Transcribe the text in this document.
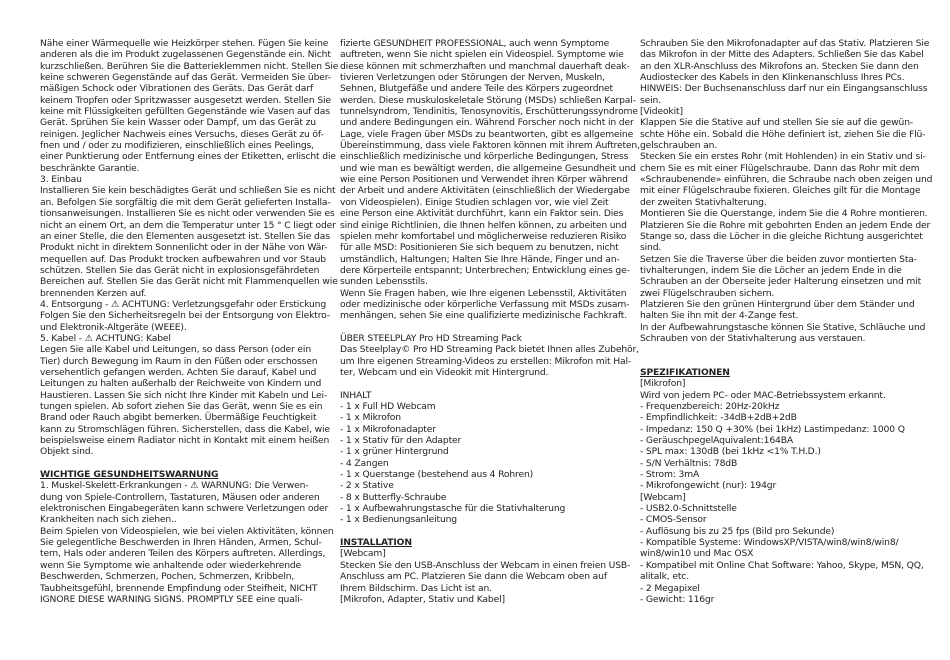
Nähe einer Wärmequelle wie Heizkörper stehen. Fügen Sie keine
anderen als die im Produkt zugelassenen Gegenstände ein. Nicht
kurzschließen. Berühren Sie die Batterieklemmen nicht. Stellen Sie
keine schweren Gegenstände auf das Gerät. Vermeiden Sie über-
mäßigen Schock oder Vibrationen des Geräts. Das Gerät darf
keinem Tropfen oder Spritzwasser ausgesetzt werden. Stellen Sie
keine mit Flüssigkeiten gefüllten Gegenstände wie Vasen auf das
Gerät. Sprühen Sie kein Wasser oder Dampf, um das Gerät zu
reinigen. Jeglicher Nachweis eines Versuchs, dieses Gerät zu öf-
fnen und / oder zu modifizieren, einschließlich eines Peelings,
einer Punktierung oder Entfernung eines der Etiketten, erlischt die
beschränkte Garantie.
3. Einbau
Installieren Sie kein beschädigtes Gerät und schließen Sie es nicht
an. Befolgen Sie sorgfältig die mit dem Gerät gelieferten Installa-
tionsanweisungen. Installieren Sie es nicht oder verwenden Sie es
nicht an einem Ort, an dem die Temperatur unter 15 ° C liegt oder
an einer Stelle, die den Elementen ausgesetzt ist. Stellen Sie das
Produkt nicht in direktem Sonnenlicht oder in der Nähe von Wär-
mequellen auf. Das Produkt trocken aufbewahren und vor Staub
schützen. Stellen Sie das Gerät nicht in explosionsgefährdeten
Bereichen auf. Stellen Sie das Gerät nicht mit Flammenquellen wie
brennenden Kerzen auf.
4. Entsorgung - ⚠ ACHTUNG: Verletzungsgefahr oder Erstickung
Folgen Sie den Sicherheitsregeln bei der Entsorgung von Elektro-
und Elektronik-Altgeräte (WEEE).
5. Kabel - ⚠ ACHTUNG: Kabel
Legen Sie alle Kabel und Leitungen, so dass Person (oder ein
Tier) durch Bewegung im Raum in den Füßen oder erschossen
versehentlich gefangen werden. Achten Sie darauf, Kabel und
Leitungen zu halten außerhalb der Reichweite von Kindern und
Haustieren. Lassen Sie sich nicht Ihre Kinder mit Kabeln und Lei-
tungen spielen. Ab sofort ziehen Sie das Gerät, wenn Sie es ein
Brand oder Rauch abgibt bemerken. Übermäßige Feuchtigkeit
kann zu Stromschlägen führen. Sicherstellen, dass die Kabel, wie
beispielsweise einem Radiator nicht in Kontakt mit einem heißen
Objekt sind.
WICHTIGE GESUNDHEITSWARNUNG
1. Muskel-Skelett-Erkrankungen - ⚠ WARNUNG: Die Verwen-
dung von Spiele-Controllern, Tastaturen, Mäusen oder anderen
elektronischen Eingabegeräten kann schwere Verletzungen oder
Krankheiten nach sich ziehen..
Beim Spielen von Videospielen, wie bei vielen Aktivitäten, können
Sie gelegentliche Beschwerden in Ihren Händen, Armen, Schul-
tern, Hals oder anderen Teilen des Körpers auftreten. Allerdings,
wenn Sie Symptome wie anhaltende oder wiederkehrende
Beschwerden, Schmerzen, Pochen, Schmerzen, Kribbeln,
Taubheitsgefühl, brennende Empfindung oder Steifheit, NICHT
IGNORE DIESE WARNING SIGNS. PROMPTLY SEE eine quali-
fizierte GESUNDHEIT PROFESSIONAL, auch wenn Symptome
auftreten, wenn Sie nicht spielen ein Videospiel. Symptome wie
diese können mit schmerzhaften und manchmal dauerhaft deak-
tivieren Verletzungen oder Störungen der Nerven, Muskeln,
Sehnen, Blutgefäße und andere Teile des Körpers zugeordnet
werden. Diese muskuloskeletale Störung (MSDs) schließen Karpal-
tunnelsyndrom, Tendinitis, Tenosynovitis, Erschütterungssyndrome
und andere Bedingungen ein. Während Forscher noch nicht in der
Lage, viele Fragen über MSDs zu beantworten, gibt es allgemeine
Übereinstimmung, dass viele Faktoren können mit ihrem Auftreten,
einschließlich medizinische und körperliche Bedingungen, Stress
und wie man es bewältigt werden, die allgemeine Gesundheit und
wie eine Person Positionen und Verwendet ihren Körper während
der Arbeit und andere Aktivitäten (einschließlich der Wiedergabe
von Videospielen). Einige Studien schlagen vor, wie viel Zeit
eine Person eine Aktivität durchführt, kann ein Faktor sein. Dies
sind einige Richtlinien, die Ihnen helfen können, zu arbeiten und
spielen mehr komfortabel und möglicherweise reduzieren Risiko
für alle MSD: Positionieren Sie sich bequem zu benutzen, nicht
umständlich, Haltungen; Halten Sie Ihre Hände, Finger und an-
dere Körperteile entspannt; Unterbrechen; Entwicklung eines ge-
sunden Lebensstils.
Wenn Sie Fragen haben, wie Ihre eigenen Lebensstil, Aktivitäten
oder medizinische oder körperliche Verfassung mit MSDs zusam-
menhängen, sehen Sie eine qualifizierte medizinische Fachkraft.
ÜBER STEELPLAY Pro HD Streaming Pack
Das Steelplay© Pro HD Streaming Pack bietet Ihnen alles Zubehör,
um Ihre eigenen Streaming-Videos zu erstellen: Mikrofon mit Hal-
ter, Webcam und ein Videokit mit Hintergrund.
INHALT
- 1 x Full HD Webcam
- 1 x Mikrofon
- 1 x Mikrofonadapter
- 1 x Stativ für den Adapter
- 1 x grüner Hintergrund
- 4 Zangen
- 1 x Querstange (bestehend aus 4 Rohren)
- 2 x Stative
- 8 x Butterfly-Schraube
- 1 x Aufbewahrungstasche für die Stativhalterung
- 1 x Bedienungsanleitung
INSTALLATION
[Webcam]
Stecken Sie den USB-Anschluss der Webcam in einen freien USB-
Anschluss am PC. Platzieren Sie dann die Webcam oben auf
Ihrem Bildschirm. Das Licht ist an.
[Mikrofon, Adapter, Stativ und Kabel]
Schrauben Sie den Mikrofonadapter auf das Stativ. Platzieren Sie
das Mikrofon in der Mitte des Adapters. Schließen Sie das Kabel
an den XLR-Anschluss des Mikrofons an. Stecken Sie dann den
Audiostecker des Kabels in den Klinkenanschluss Ihres PCs.
HINWEIS: Der Buchsenanschluss darf nur ein Eingangsanschluss
sein.
[Videokit]
Klappen Sie die Stative auf und stellen Sie sie auf die gewün-
schte Höhe ein. Sobald die Höhe definiert ist, ziehen Sie die Flü-
gelschrauben an.
Stecken Sie ein erstes Rohr (mit Hohlenden) in ein Stativ und si-
chern Sie es mit einer Flügelschraube. Dann das Rohr mit dem
«Schraubenende» einführen, die Schraube nach oben zeigen und
mit einer Flügelschraube fixieren. Gleiches gilt für die Montage
der zweiten Stativhalterung.
Montieren Sie die Querstange, indem Sie die 4 Rohre montieren.
Platzieren Sie die Rohre mit gebohrten Enden an jedem Ende der
Stange so, dass die Löcher in die gleiche Richtung ausgerichtet
sind.
Setzen Sie die Traverse über die beiden zuvor montierten Sta-
tivhalterungen, indem Sie die Löcher an jedem Ende in die
Schrauben an der Oberseite jeder Halterung einsetzen und mit
zwei Flügelschrauben sichern.
Platzieren Sie den grünen Hintergrund über dem Ständer und
halten Sie ihn mit der 4-Zange fest.
In der Aufbewahrungstasche können Sie Stative, Schläuche und
Schrauben von der Stativhalterung aus verstauen.
SPEZIFIKATIONEN
[Mikrofon]
Wird von jedem PC- oder MAC-Betriebssystem erkannt.
- Frequenzbereich: 20Hz-20kHz
- Empfindlichkeit: -34dB+2dB+2dB
- Impedanz: 150 Q +30% (bei 1kHz) Lastimpedanz: 1000 Q
- GeräuschpegelAquivalent:164BA
- SPL max: 130dB (bei 1kHz <1% T.H.D.)
- S/N Verhältnis: 78dB
- Strom: 3mA
- Mikrofongewicht (nur): 194gr
[Webcam]
- USB2.0-Schnittstelle
- CMOS-Sensor
- Auflösung bis zu 25 fps (Bild pro Sekunde)
- Kompatible Systeme: WindowsXP/VISTA/win8/win8/win8/
win8/win10 und Mac OSX
- Kompatibel mit Online Chat Software: Yahoo, Skype, MSN, QQ,
alitalk, etc.
- 2 Megapixel
- Gewicht: 116gr
